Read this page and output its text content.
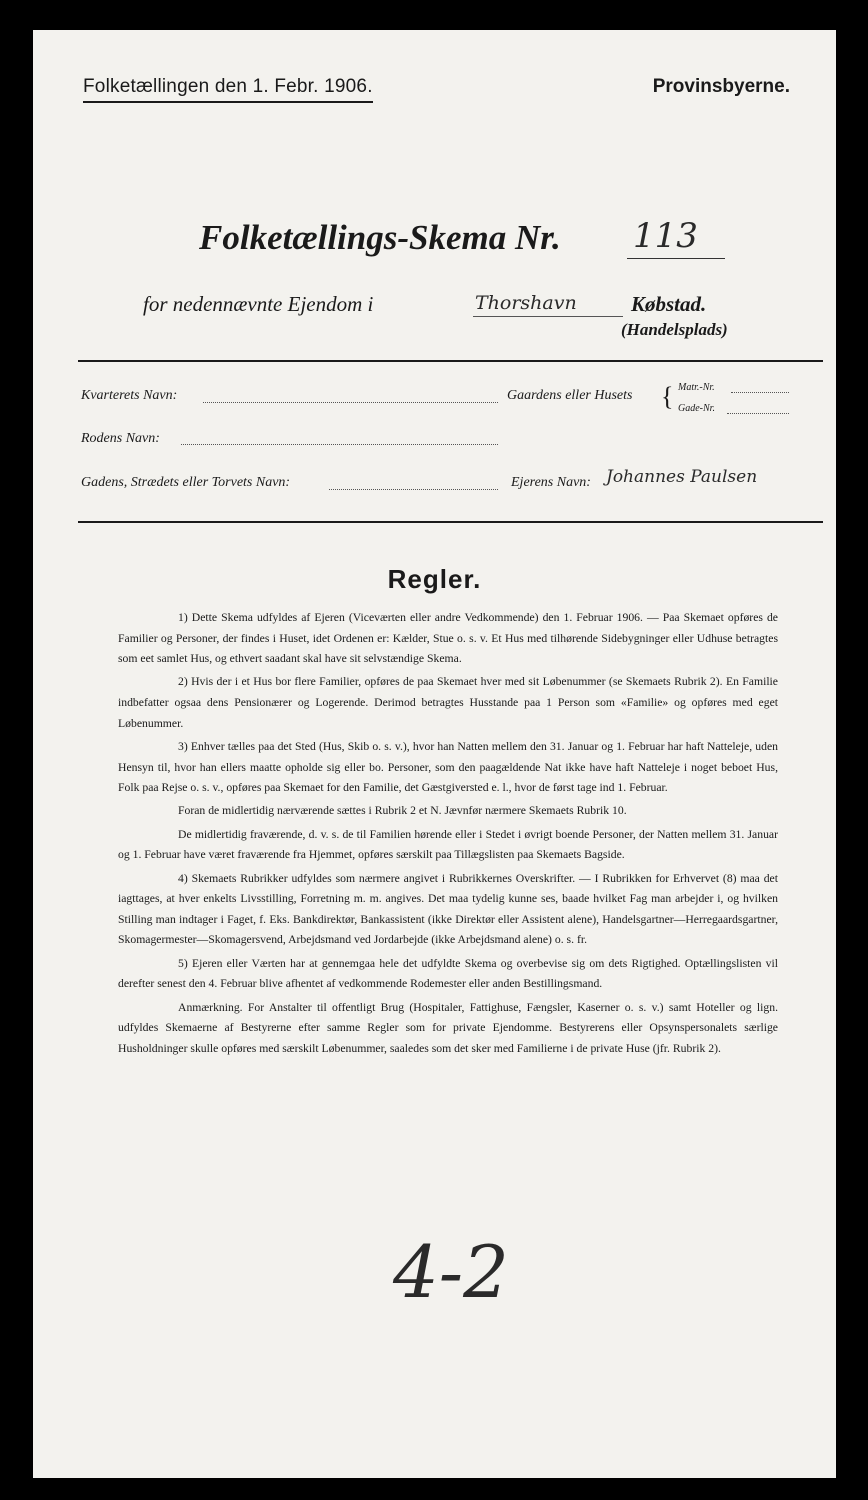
Folketællingen den 1. Febr. 1906.	Provinsbyerne.
Folketællings-Skema Nr. 113
for nedennævnte Ejendom i	Thorshavn	Købstad.
(Handelsplads)
Kvarterets Navn:	Gaardens eller Husets { Matr.-Nr.
Gade-Nr.
Rodens Navn:
Gadens, Strædets eller Torvets Navn:	Ejerens Navn: Johannes Paulsen
Regler.

1) Dette Skema udfyldes af Ejeren (Viceværten eller andre Vedkommende) den 1. Februar 1906. — Paa Skemaet opføres de Familier og Personer, der findes i Huset, idet Ordenen er: Kælder, Stue o. s. v. Et Hus med tilhørende Sidebygninger eller Udhuse betragtes som eet samlet Hus, og ethvert saadant skal have sit selvstændige Skema.

2) Hvis der i et Hus bor flere Familier, opføres de paa Skemaet hver med sit Løbenummer (se Skemaets Rubrik 2). En Familie indbefatter ogsaa dens Pensionærer og Logerende. Derimod betragtes Husstande paa 1 Person som «Familie» og opføres med eget Løbenummer.

3) Enhver tælles paa det Sted (Hus, Skib o. s. v.), hvor han Natten mellem den 31. Januar og 1. Februar har haft Natteleje, uden Hensyn til, hvor han ellers maatte opholde sig eller bo. Personer, som den paagældende Nat ikke have haft Natteleje i noget beboet Hus, Folk paa Rejse o. s. v., opføres paa Skemaet for den Familie, det Gæstgiversted e. l., hvor de først tage ind 1. Februar.

Foran de midlertidig nærværende sættes i Rubrik 2 et N. Jævnfør nærmere Skemaets Rubrik 10.

De midlertidig fraværende, d. v. s. de til Familien hørende eller i Stedet i øvrigt boende Personer, der Natten mellem 31. Januar og 1. Februar have været fraværende fra Hjemmet, opføres særskilt paa Tillægslisten paa Skemaets Bagside.

4) Skemaets Rubrikker udfyldes som nærmere angivet i Rubrikkernes Overskrifter. — I Rubrikken for Erhvervet (8) maa det iagttages, at hver enkelts Livsstilling, Forretning m. m. angives. Det maa tydelig kunne ses, baade hvilket Fag man arbejder i, og hvilken Stilling man indtager i Faget, f. Eks. Bankdirektør, Bankassistent (ikke Direktør eller Assistent alene), Handelsgartner—Herregaardsgartner, Skomagermester—Skomagersvend, Arbejdsmand ved Jordarbejde (ikke Arbejdsmand alene) o. s. fr.

5) Ejeren eller Værten har at gennemgaa hele det udfyldte Skema og overbevise sig om dets Rigtighed. Optællingslisten vil derefter senest den 4. Februar blive afhentet af vedkommende Rodemester eller anden Bestillingsmand.

Anmærkning. For Anstalter til offentligt Brug (Hospitaler, Fattighuse, Fængsler, Kaserner o. s. v.) samt Hoteller og lign. udfyldes Skemaerne af Bestyrerne efter samme Regler som for private Ejendomme. Bestyrerens eller Opsynspersonalets særlige Husholdninger skulle opføres med særskilt Løbenummer, saaledes som det sker med Familierne i de private Huse (jfr. Rubrik 2).

4-2
